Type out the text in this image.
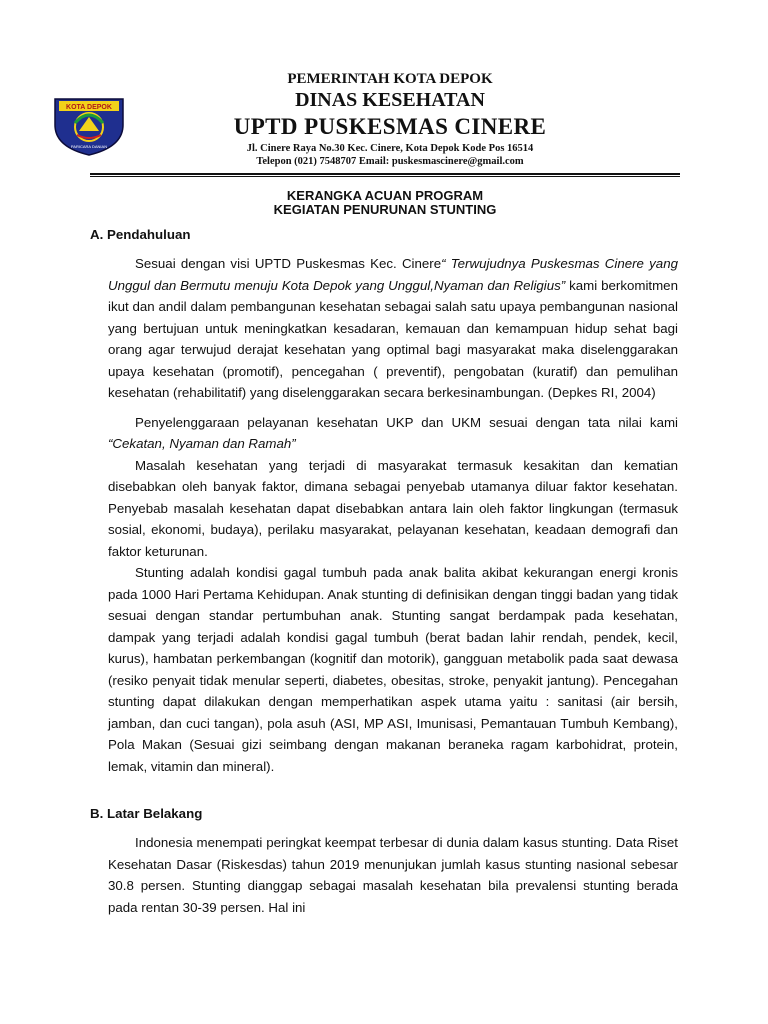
KOTA DEPOK
PARICARA DANIAN
PEMERINTAH KOTA DEPOK
DINAS KESEHATAN
UPTD PUSKESMAS CINERE
Jl. Cinere Raya No.30 Kec. Cinere, Kota Depok Kode Pos 16514
Telepon (021) 7548707 Email: puskesmascinere@gmail.com
KERANGKA ACUAN PROGRAM
KEGIATAN PENURUNAN STUNTING
A. Pendahuluan

Sesuai dengan visi UPTD Puskesmas Kec. Cinere“ Terwujudnya Puskesmas Cinere yang Unggul dan Bermutu menuju Kota Depok yang Unggul,Nyaman dan Religius” kami berkomitmen ikut dan andil dalam pembangunan kesehatan sebagai salah satu upaya pembangunan nasional yang bertujuan untuk meningkatkan kesadaran, kemauan dan kemampuan hidup sehat bagi orang agar terwujud derajat kesehatan yang optimal bagi masyarakat maka diselenggarakan upaya kesehatan (promotif), pencegahan ( preventif), pengobatan (kuratif) dan pemulihan kesehatan (rehabilitatif) yang diselenggarakan secara berkesinambungan. (Depkes RI, 2004)

Penyelenggaraan pelayanan kesehatan UKP dan UKM sesuai dengan tata nilai kami “Cekatan, Nyaman dan Ramah”

Masalah kesehatan yang terjadi di masyarakat termasuk kesakitan dan kematian disebabkan oleh banyak faktor, dimana sebagai penyebab utamanya diluar faktor kesehatan. Penyebab masalah kesehatan dapat disebabkan antara lain oleh faktor lingkungan (termasuk sosial, ekonomi, budaya), perilaku masyarakat, pelayanan kesehatan, keadaan demografi dan faktor keturunan.

Stunting adalah kondisi gagal tumbuh pada anak balita akibat kekurangan energi kronis pada 1000 Hari Pertama Kehidupan. Anak stunting di definisikan dengan tinggi badan yang tidak sesuai dengan standar pertumbuhan anak. Stunting sangat berdampak pada kesehatan, dampak yang terjadi adalah kondisi gagal tumbuh (berat badan lahir rendah, pendek, kecil, kurus), hambatan perkembangan (kognitif dan motorik), gangguan metabolik pada saat dewasa (resiko penyait tidak menular seperti, diabetes, obesitas, stroke, penyakit jantung). Pencegahan stunting dapat dilakukan dengan memperhatikan aspek utama yaitu : sanitasi (air bersih, jamban, dan cuci tangan), pola asuh (ASI, MP ASI, Imunisasi, Pemantauan Tumbuh Kembang), Pola Makan (Sesuai gizi seimbang dengan makanan beraneka ragam karbohidrat, protein, lemak, vitamin dan mineral).

B. Latar Belakang

Indonesia menempati peringkat keempat terbesar di dunia dalam kasus stunting. Data Riset Kesehatan Dasar (Riskesdas) tahun 2019 menunjukan jumlah kasus stunting nasional sebesar 30.8 persen. Stunting dianggap sebagai masalah kesehatan bila prevalensi stunting berada pada rentan 30-39 persen. Hal ini
